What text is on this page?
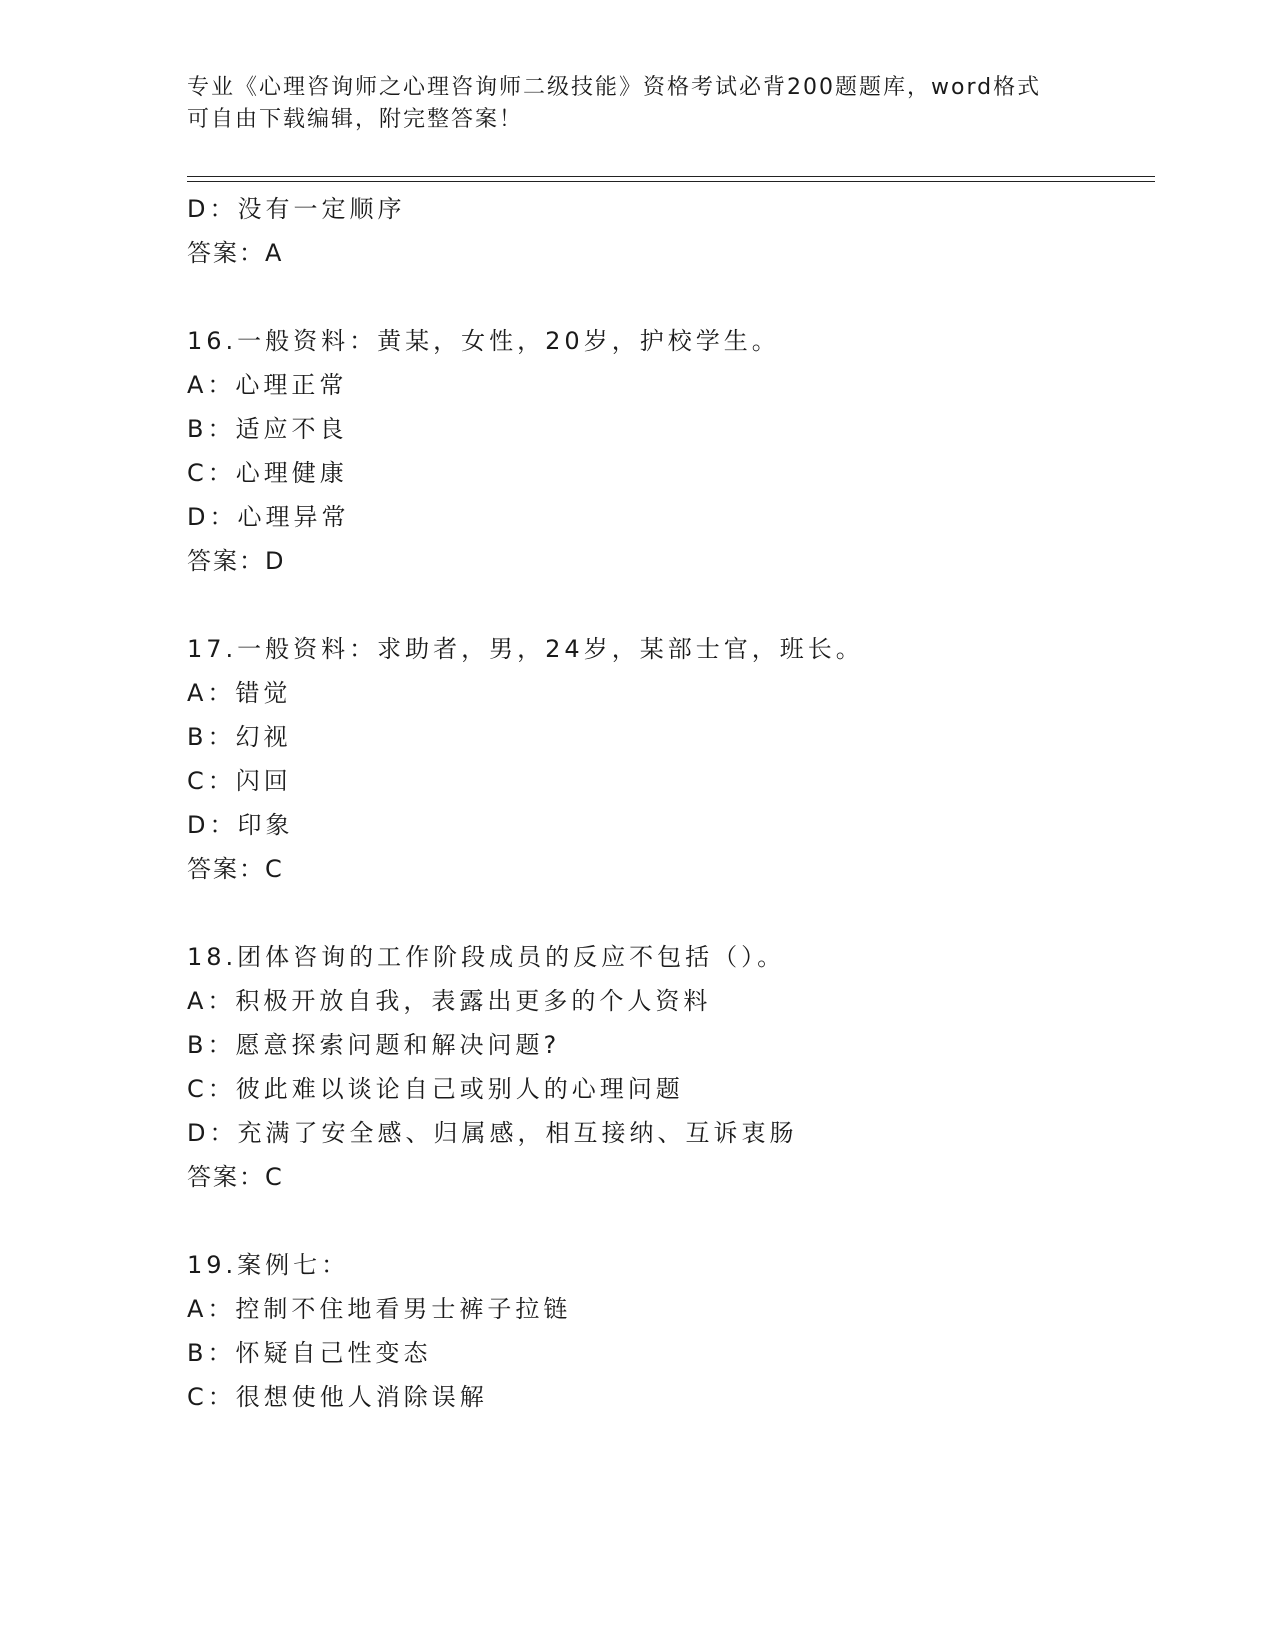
专业《心理咨询师之心理咨询师二级技能》资格考试必背200题题库，word格式
可自由下载编辑，附完整答案！
D：没有一定顺序
答案：A
16.一般资料：黄某，女性，20岁，护校学生。
A：心理正常
B：适应不良
C：心理健康
D：心理异常
答案：D
17.一般资料：求助者，男，24岁，某部士官，班长。
A：错觉
B：幻视
C：闪回
D：印象
答案：C
18.团体咨询的工作阶段成员的反应不包括（）。
A：积极开放自我，表露出更多的个人资料
B：愿意探索问题和解决问题?
C：彼此难以谈论自己或别人的心理问题
D：充满了安全感、归属感，相互接纳、互诉衷肠
答案：C
19.案例七：
A：控制不住地看男士裤子拉链
B：怀疑自己性变态
C：很想使他人消除误解
